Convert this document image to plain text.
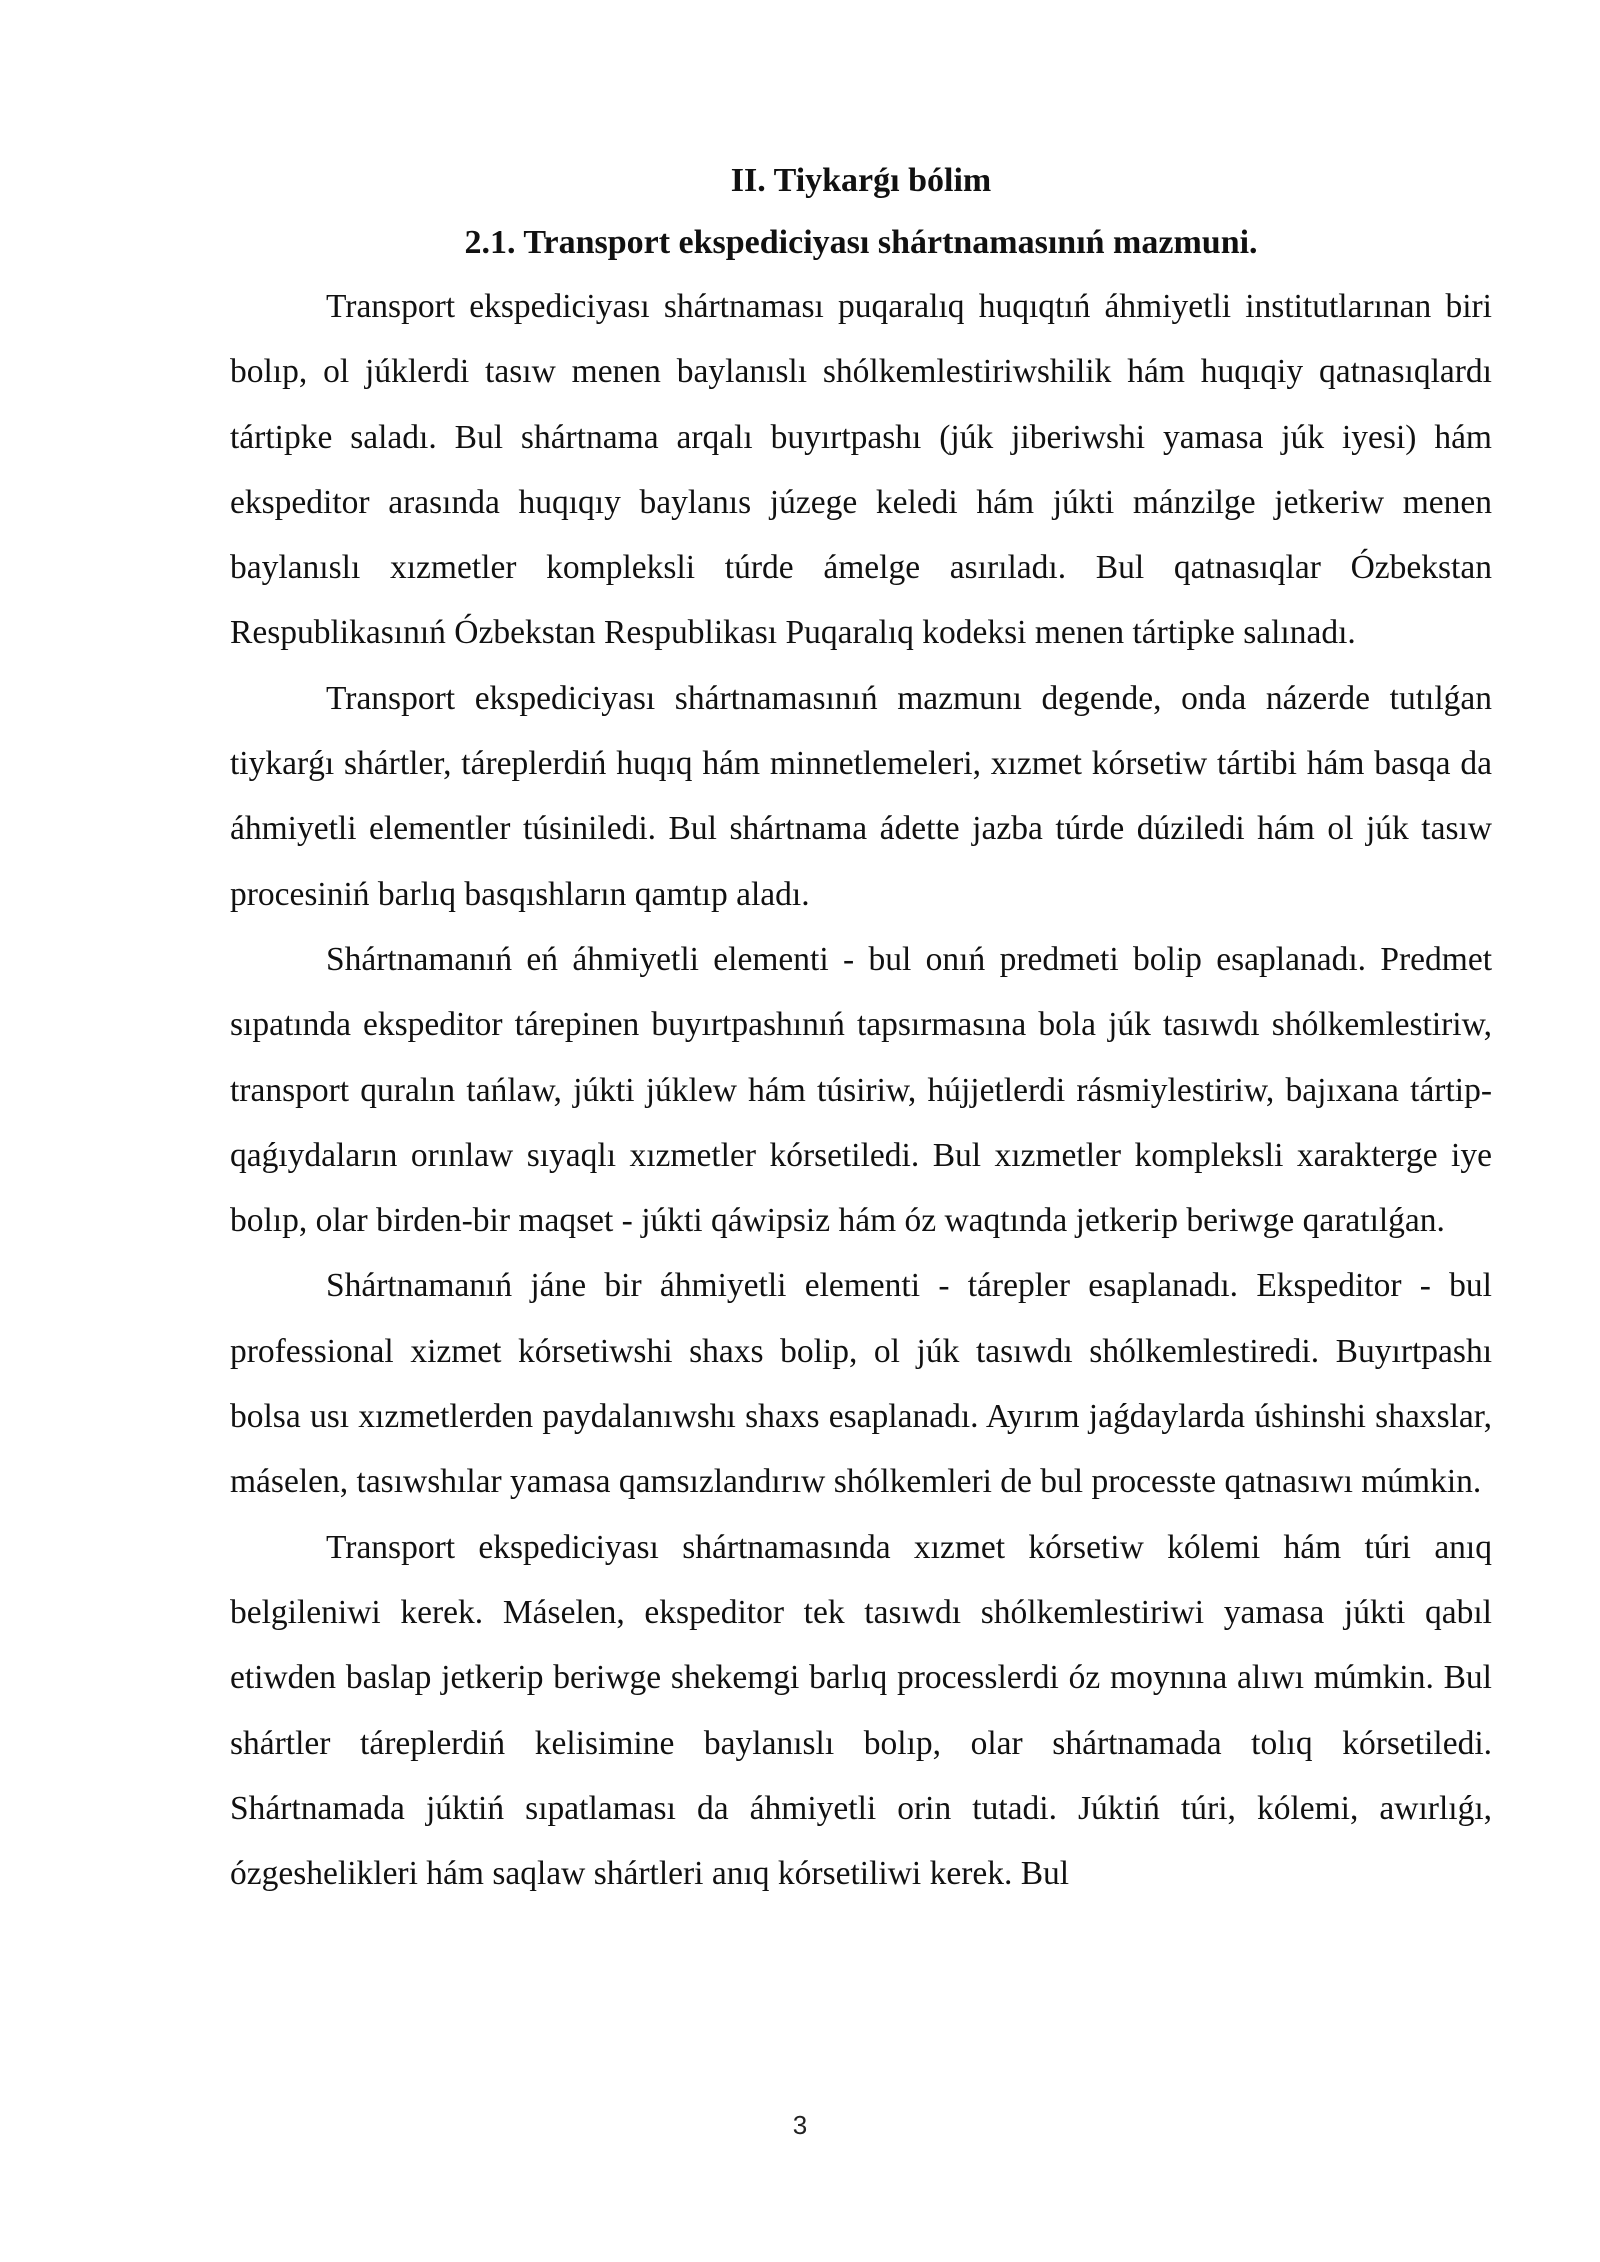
II. Tiykarǵı bólim
2.1. Transport ekspediciyası shártnamasınıń mazmuni.

Transport ekspediciyası shártnaması puqaralıq huqıqtıń áhmiyetli institutlarınan biri bolıp, ol júklerdi tasıw menen baylanıslı shólkemlestiriwshilik hám huqıqiy qatnasıqlardı tártipke saladı. Bul shártnama arqalı buyırtpashı (júk jiberiwshi yamasa júk iyesi) hám ekspeditor arasında huqıqıy baylanıs júzege keledi hám júkti mánzilge jetkeriw menen baylanıslı xızmetler kompleksli túrde ámelge asırıladı. Bul qatnasıqlar Ózbekstan Respublikasınıń Ózbekstan Respublikası Puqaralıq kodeksi menen tártipke salınadı.

Transport ekspediciyası shártnamasınıń mazmunı degende, onda názerde tutılǵan tiykarǵı shártler, táreplerdiń huqıq hám minnetlemeleri, xızmet kórsetiw tártibi hám basqa da áhmiyetli elementler túsiniledi. Bul shártnama ádette jazba túrde dúziledi hám ol júk tasıw procesiniń barlıq basqıshların qamtıp aladı.

Shártnamanıń eń áhmiyetli elementi - bul onıń predmeti bolip esaplanadı. Predmet sıpatında ekspeditor tárepinen buyırtpashınıń tapsırmasına bola júk tasıwdı shólkemlestiriw, transport quralın tańlaw, júkti júklew hám túsiriw, hújjetlerdi rásmiylestiriw, bajıxana tártip-qaǵıydaların orınlaw sıyaqlı xızmetler kórsetiledi. Bul xızmetler kompleksli xarakterge iye bolıp, olar birden-bir maqset - júkti qáwipsiz hám óz waqtında jetkerip beriwge qaratılǵan.

Shártnamanıń jáne bir áhmiyetli elementi - tárepler esaplanadı. Ekspeditor - bul professional xizmet kórsetiwshi shaxs bolip, ol júk tasıwdı shólkemlestiredi. Buyırtpashı bolsa usı xızmetlerden paydalanıwshı shaxs esaplanadı. Ayırım jaǵdaylarda úshinshi shaxslar, máselen, tasıwshılar yamasa qamsızlandırıw shólkemleri de bul processte qatnasıwı múmkin.

Transport ekspediciyası shártnamasında xızmet kórsetiw kólemi hám túri anıq belgileniwi kerek. Máselen, ekspeditor tek tasıwdı shólkemlestiriwi yamasa júkti qabıl etiwden baslap jetkerip beriwge shekemgi barlıq processlerdi óz moynına alıwı múmkin. Bul shártler táreplerdiń kelisimine baylanıslı bolıp, olar shártnamada tolıq kórsetiledi. Shártnamada júktiń sıpatlaması da áhmiyetli orin tutadi. Júktiń túri, kólemi, awırlıǵı, ózgeshelikleri hám saqlaw shártleri anıq kórsetiliwi kerek. Bul

3
